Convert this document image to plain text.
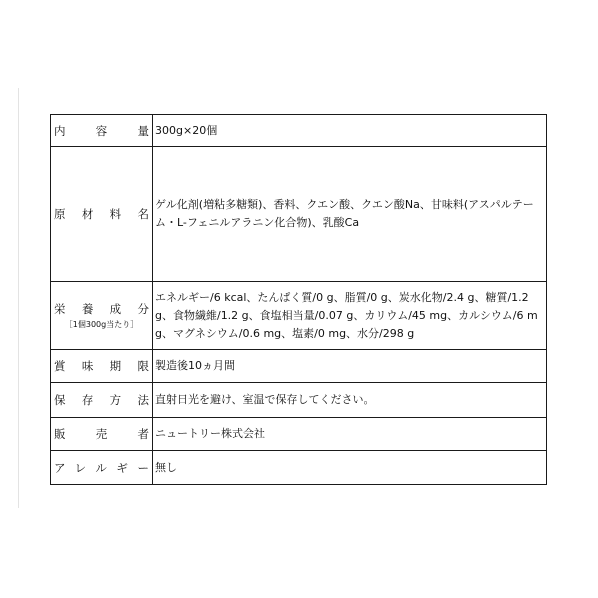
内容量	300g×20個

原材料名	ゲル化剤(増粘多糖類)、香料、クエン酸、クエン酸Na、甘味料(アスパルテーム・L-フェニルアラニン化合物)、乳酸Ca

栄養成分
［1個300g当たり］	エネルギー/6 kcal、たんぱく質/0 g、脂質/0 g、炭水化物/2.4 g、糖質/1.2 g、食物繊維/1.2 g、食塩相当量/0.07 g、カリウム/45 mg、カルシウム/6 mg、マグネシウム/0.6 mg、塩素/0 mg、水分/298 g

賞味期限	製造後10ヵ月間

保存方法	直射日光を避け、室温で保存してください。

販売者	ニュートリー株式会社

アレルギー	無し
